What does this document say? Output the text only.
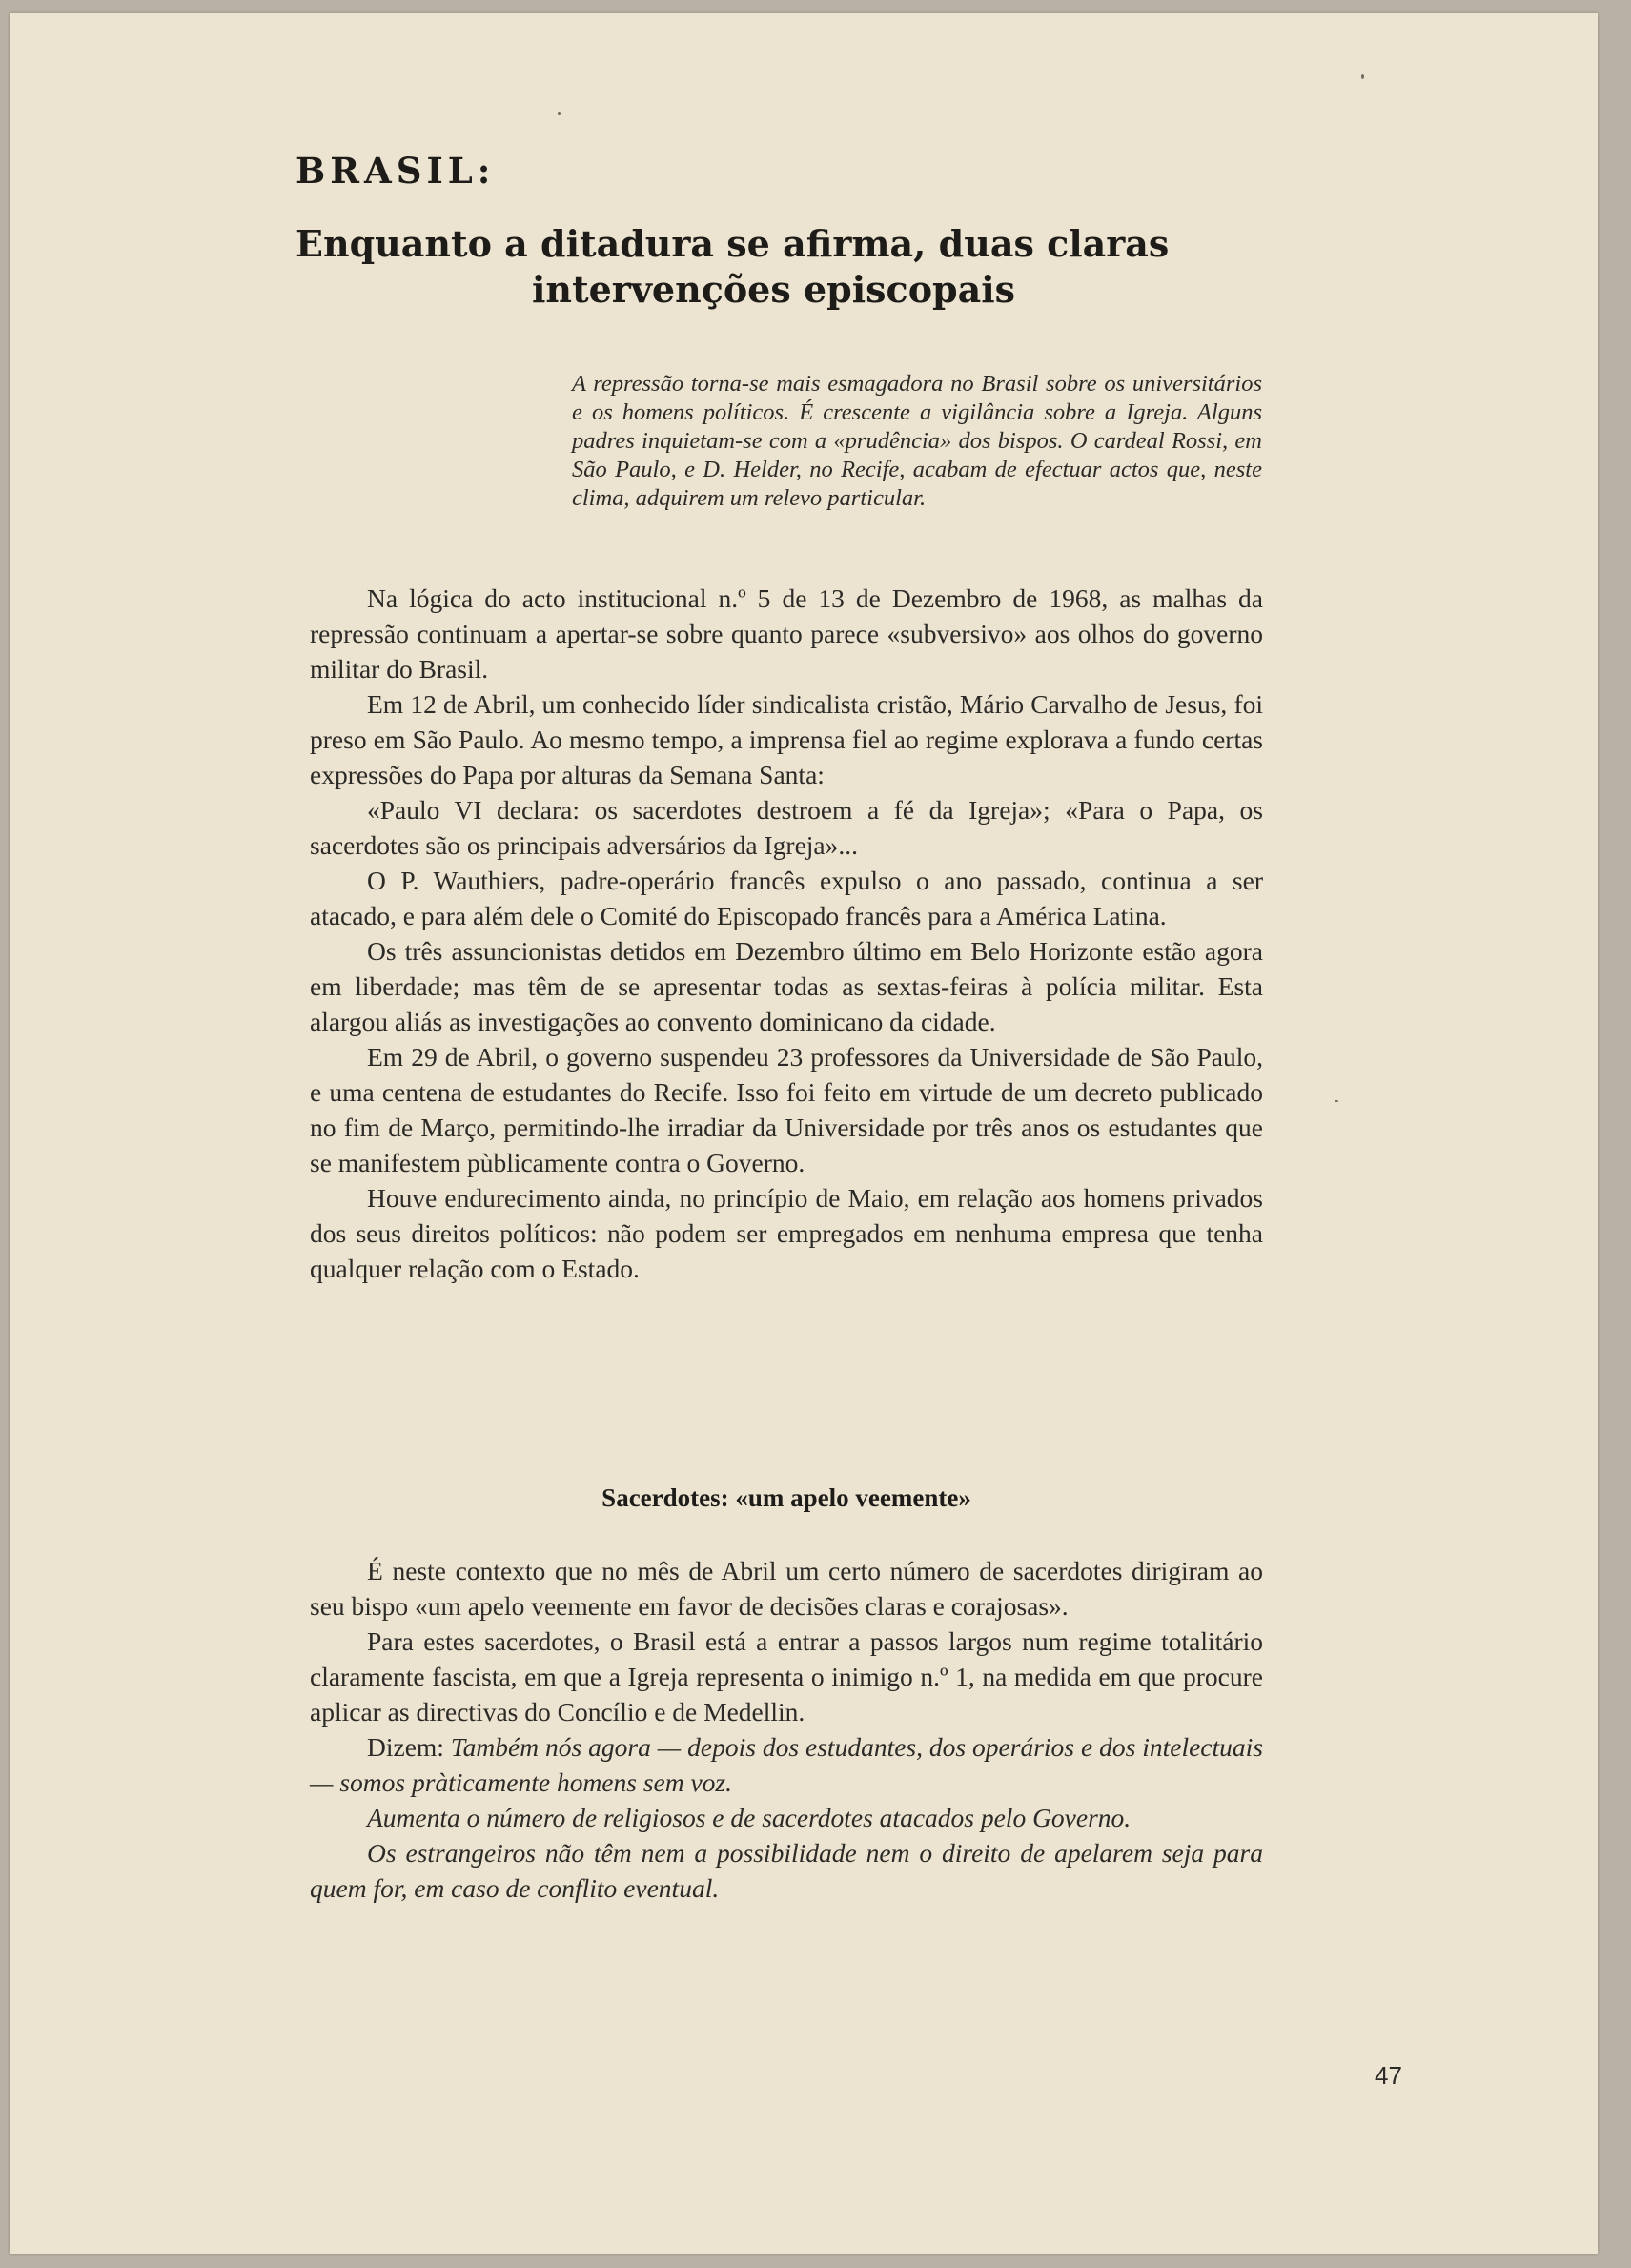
BRASIL:
Enquanto a ditadura se afirma, duas claras
intervenções episcopais

A repressão torna-se mais esmagadora no Brasil sobre os universitários e os homens políticos. É crescente a vigilância sobre a Igreja. Alguns padres inquietam-se com a «prudência» dos bispos. O cardeal Rossi, em São Paulo, e D. Helder, no Recife, acabam de efectuar actos que, neste clima, adquirem um relevo particular.

Na lógica do acto institucional n.º 5 de 13 de Dezembro de 1968, as malhas da repressão continuam a apertar-se sobre quanto parece «subversivo» aos olhos do governo militar do Brasil.

Em 12 de Abril, um conhecido líder sindicalista cristão, Mário Carvalho de Jesus, foi preso em São Paulo. Ao mesmo tempo, a imprensa fiel ao regime explorava a fundo certas expressões do Papa por alturas da Semana Santa:

«Paulo VI declara: os sacerdotes destroem a fé da Igreja»; «Para o Papa, os sacerdotes são os principais adversários da Igreja»...

O P. Wauthiers, padre-operário francês expulso o ano passado, continua a ser atacado, e para além dele o Comité do Episcopado francês para a América Latina.

Os três assuncionistas detidos em Dezembro último em Belo Horizonte estão agora em liberdade; mas têm de se apresentar todas as sextas-feiras à polícia militar. Esta alargou aliás as investigações ao convento dominicano da cidade.

Em 29 de Abril, o governo suspendeu 23 professores da Universidade de São Paulo, e uma centena de estudantes do Recife. Isso foi feito em virtude de um decreto publicado no fim de Março, permitindo-lhe irradiar da Universidade por três anos os estudantes que se manifestem pùblicamente contra o Governo.

Houve endurecimento ainda, no princípio de Maio, em relação aos homens privados dos seus direitos políticos: não podem ser empregados em nenhuma empresa que tenha qualquer relação com o Estado.

Sacerdotes: «um apelo veemente»

É neste contexto que no mês de Abril um certo número de sacerdotes dirigiram ao seu bispo «um apelo veemente em favor de decisões claras e corajosas».

Para estes sacerdotes, o Brasil está a entrar a passos largos num regime totalitário claramente fascista, em que a Igreja representa o inimigo n.º 1, na medida em que procure aplicar as directivas do Concílio e de Medellin.

Dizem: Também nós agora — depois dos estudantes, dos operários e dos intelectuais — somos pràticamente homens sem voz.

Aumenta o número de religiosos e de sacerdotes atacados pelo Governo.

Os estrangeiros não têm nem a possibilidade nem o direito de apelarem seja para quem for, em caso de conflito eventual.

47
